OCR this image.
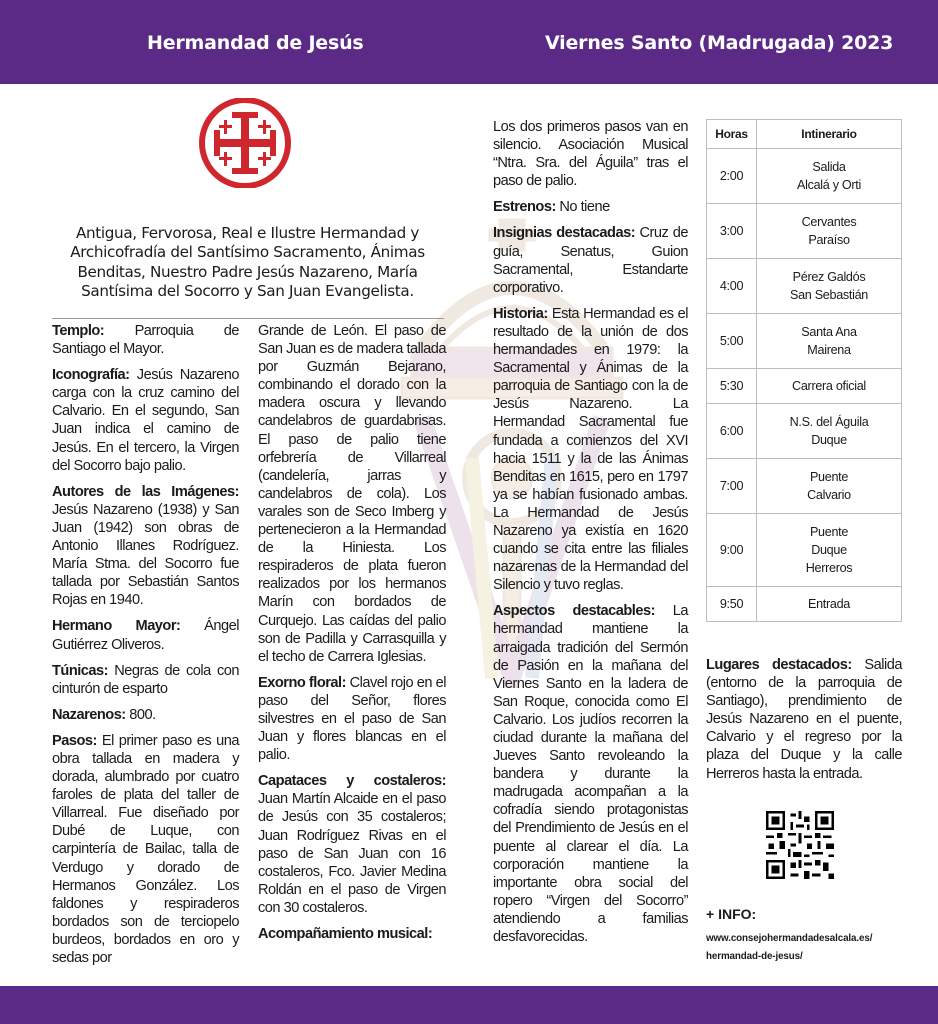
Hermandad de Jesús	Viernes Santo (Madrugada) 2023
Antigua, Fervorosa, Real e Ilustre Hermandad y Archicofradía del Santísimo Sacramento, Ánimas Benditas, Nuestro Padre Jesús Nazareno, María Santísima del Socorro y San Juan Evangelista.

Templo: Parroquia de Santiago el Mayor.

Iconografía: Jesús Nazareno carga con la cruz camino del Calvario. En el segundo, San Juan indica el camino de Jesús. En el tercero, la Virgen del Socorro bajo palio.

Autores de las Imágenes: Jesús Nazareno (1938) y San Juan (1942) son obras de Antonio Illanes Rodríguez. María Stma. del Socorro fue tallada por Sebastián Santos Rojas en 1940.

Hermano Mayor: Ángel Gutiérrez Oliveros.

Túnicas: Negras de cola con cinturón de esparto

Nazarenos: 800.

Pasos: El primer paso es una obra tallada en madera y dorada, alumbrado por cuatro faroles de plata del taller de Villarreal. Fue diseñado por Dubé de Luque, con carpintería de Bailac, talla de Verdugo y dorado de Hermanos González. Los faldones y respiraderos bordados son de terciopelo burdeos, bordados en oro y sedas por

Grande de León. El paso de San Juan es de madera tallada por Guzmán Bejarano, combinando el dorado con la madera oscura y llevando candelabros de guardabrisas. El paso de palio tiene orfebrería de Villarreal (candelería, jarras y candelabros de cola). Los varales son de Seco Imberg y pertenecieron a la Hermandad de la Hiniesta. Los respiraderos de plata fueron realizados por los hermanos Marín con bordados de Curquejo. Las caídas del palio son de Padilla y Carrasquilla y el techo de Carrera Iglesias.

Exorno floral: Clavel rojo en el paso del Señor, flores silvestres en el paso de San Juan y flores blancas en el palio.

Capataces y costaleros: Juan Martín Alcaide en el paso de Jesús con 35 costaleros; Juan Rodríguez Rivas en el paso de San Juan con 16 costaleros, Fco. Javier Medina Roldán en el paso de Virgen con 30 costaleros.

Acompañamiento musical:

Los dos primeros pasos van en silencio. Asociación Musical “Ntra. Sra. del Águila” tras el paso de palio.

Estrenos: No tiene

Insignias destacadas: Cruz de guía, Senatus, Guion Sacramental, Estandarte corporativo.

Historia: Esta Hermandad es el resultado de la unión de dos hermandades en 1979: la Sacramental y Ánimas de la parroquia de Santiago con la de Jesús Nazareno. La Hermandad Sacramental fue fundada a comienzos del XVI hacia 1511 y la de las Ánimas Benditas en 1615, pero en 1797 ya se habían fusionado ambas. La Hermandad de Jesús Nazareno ya existía en 1620 cuando se cita entre las filiales nazarenas de la Hermandad del Silencio y tuvo reglas.

Aspectos destacables: La hermandad mantiene la arraigada tradición del Sermón de Pasión en la mañana del Viernes Santo en la ladera de San Roque, conocida como El Calvario. Los judíos recorren la ciudad durante la mañana del Jueves Santo revoleando la bandera y durante la madrugada acompañan a la cofradía siendo protagonistas del Prendimiento de Jesús en el puente al clarear el día. La corporación mantiene la importante obra social del ropero “Virgen del Socorro” atendiendo a familias desfavorecidas.

Horas	Intinerario
2:00	Salida
Alcalá y Orti

3:00	Cervantes
Paraíso

4:00	Pérez Galdós
San Sebastián

5:00	Santa Ana
Mairena

5:30	Carrera oficial

6:00	N.S. del Águila
Duque

7:00	Puente
Calvario

9:00	Puente
Duque
Herreros

9:50	Entrada

Lugares destacados: Salida (entorno de la parroquia de Santiago), prendimiento de Jesús Nazareno en el puente, Calvario y el regreso por la plaza del Duque y la calle Herreros hasta la entrada.

+ INFO:
www.consejohermandadesalcala.es/
hermandad-de-jesus/
